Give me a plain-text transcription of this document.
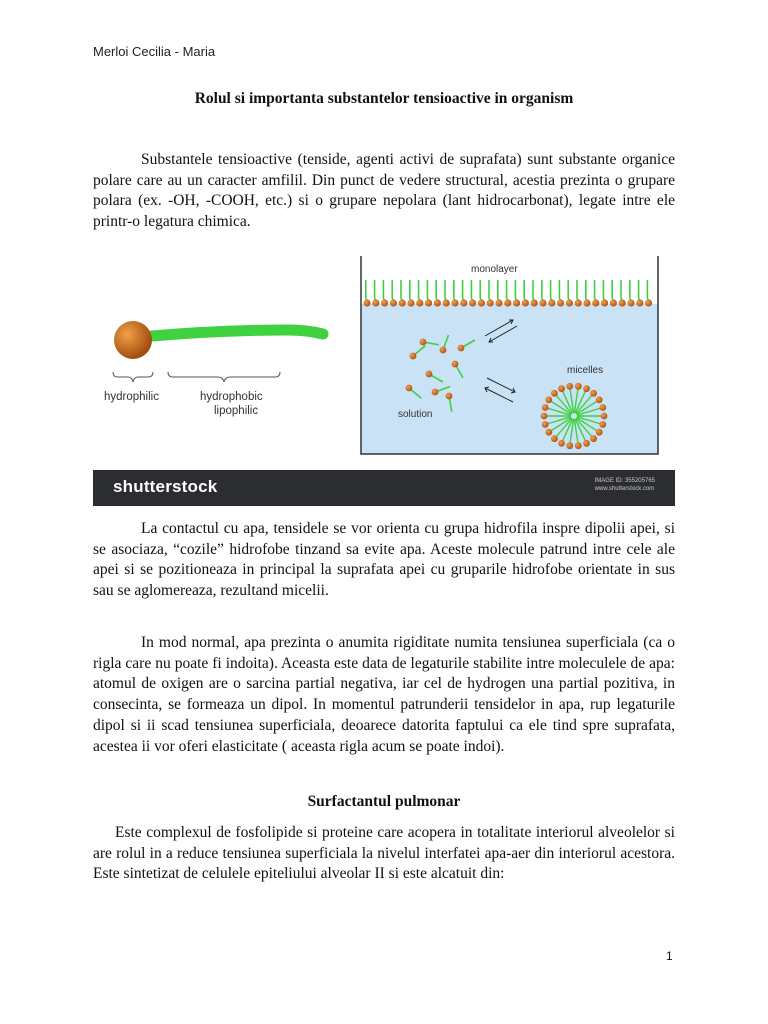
Merloi Cecilia - Maria
Rolul si importanta substantelor tensioactive in organism

Substantele tensioactive (tenside, agenti activi de suprafata) sunt substante organice polare care au un caracter amfilil. Din punct de vedere structural, acestia prezinta o grupare polara (ex. -OH, -COOH, etc.) si o grupare nepolara (lant hidrocarbonat), legate intre ele printr-o legatura chimica.

hydrophilic	hydrophobic
lipophilic
monolayer
solution
micelles
shutterstock	IMAGE ID: 355205765
www.shutterstock.com

La contactul cu apa, tensidele se vor orienta cu grupa hidrofila inspre dipolii apei, si se asociaza, “cozile” hidrofobe tinzand sa evite apa. Aceste molecule patrund intre cele ale apei si se pozitioneaza in principal la suprafata apei cu gruparile hidrofobe orientate in sus sau se aglomereaza, rezultand micelii.

In mod normal, apa prezinta o anumita rigiditate numita tensiunea superficiala (ca o rigla care nu poate fi indoita). Aceasta este data de legaturile stabilite intre moleculele de apa: atomul de oxigen are o sarcina partial negativa, iar cel de hydrogen una partial pozitiva, in consecinta, se formeaza un dipol. In momentul patrunderii tensidelor in apa, rup legaturile dipol si ii scad tensiunea superficiala, deoarece datorita faptului ca ele tind spre suprafata, acestea ii vor oferi elasticitate ( aceasta rigla acum se poate indoi).

Surfactantul pulmonar

Este complexul de fosfolipide si proteine care acopera in totalitate interiorul alveolelor si are rolul in a reduce tensiunea superficiala la nivelul interfatei apa-aer din interiorul acestora. Este sintetizat de celulele epiteliului alveolar II si este alcatuit din:

1
